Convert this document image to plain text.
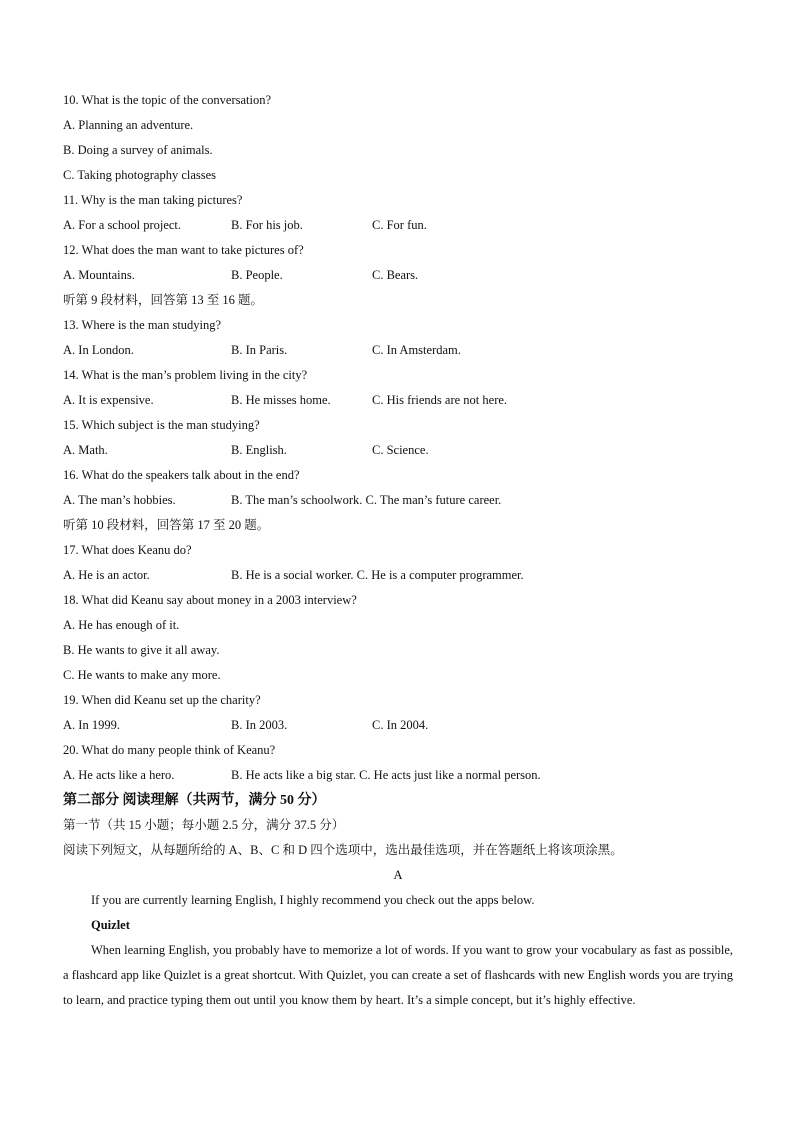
10. What is the topic of the conversation?
A. Planning an adventure.
B. Doing a survey of animals.
C. Taking photography classes
11. Why is the man taking pictures?
A. For a school project.	B. For his job.	C. For fun.
12. What does the man want to take pictures of?
A. Mountains.	B. People.	C. Bears.
听第 9 段材料，回答第 13 至 16 题。
13. Where is the man studying?
A. In London.	B. In Paris.	C. In Amsterdam.
14. What is the man’s problem living in the city?
A. It is expensive.	B. He misses home.	C. His friends are not here.
15. Which subject is the man studying?
A. Math.	B. English.	C. Science.
16. What do the speakers talk about in the end?
A. The man’s hobbies.	B. The man’s schoolwork. C. The man’s future career.
听第 10 段材料，回答第 17 至 20 题。
17. What does Keanu do?
A. He is an actor.	B. He is a social worker. C. He is a computer programmer.
18. What did Keanu say about money in a 2003 interview?
A. He has enough of it.
B. He wants to give it all away.
C. He wants to make any more.
19. When did Keanu set up the charity?
A. In 1999.	B. In 2003.	C. In 2004.
20. What do many people think of Keanu?
A. He acts like a hero.	B. He acts like a big star. C. He acts just like a normal person.
第二部分 阅读理解（共两节，满分 50 分）
第一节（共 15 小题；每小题 2.5 分，满分 37.5 分）
阅读下列短文，从每题所给的 A、B、C 和 D 四个选项中，选出最佳选项，并在答题纸上将该项涂黑。
A
If you are currently learning English, I highly recommend you check out the apps below.
Quizlet
When learning English, you probably have to memorize a lot of words. If you want to grow your vocabulary as fast as possible, a flashcard app like Quizlet is a great shortcut. With Quizlet, you can create a set of flashcards with new English words you are trying to learn, and practice typing them out until you know them by heart. It’s a simple concept, but it’s highly effective.
